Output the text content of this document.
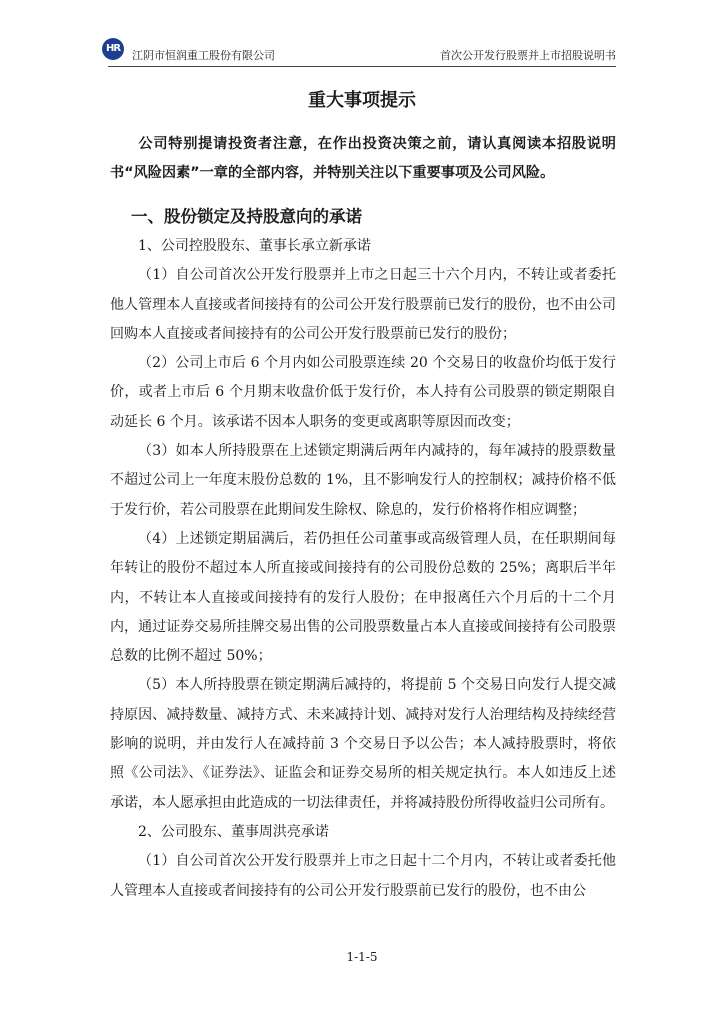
HR
江阴市恒润重工股份有限公司	首次公开发行股票并上市招股说明书
重大事项提示

公司特别提请投资者注意，在作出投资决策之前，请认真阅读本招股说明书“风险因素”一章的全部内容，并特别关注以下重要事项及公司风险。

一、股份锁定及持股意向的承诺

1、公司控股股东、董事长承立新承诺

（1）自公司首次公开发行股票并上市之日起三十六个月内，不转让或者委托他人管理本人直接或者间接持有的公司公开发行股票前已发行的股份，也不由公司回购本人直接或者间接持有的公司公开发行股票前已发行的股份；

（2）公司上市后 6 个月内如公司股票连续 20 个交易日的收盘价均低于发行价，或者上市后 6 个月期末收盘价低于发行价，本人持有公司股票的锁定期限自动延长 6 个月。该承诺不因本人职务的变更或离职等原因而改变；

（3）如本人所持股票在上述锁定期满后两年内减持的，每年减持的股票数量不超过公司上一年度末股份总数的 1%，且不影响发行人的控制权；减持价格不低于发行价，若公司股票在此期间发生除权、除息的，发行价格将作相应调整；

（4）上述锁定期届满后，若仍担任公司董事或高级管理人员，在任职期间每年转让的股份不超过本人所直接或间接持有的公司股份总数的 25%；离职后半年内，不转让本人直接或间接持有的发行人股份；在申报离任六个月后的十二个月内，通过证券交易所挂牌交易出售的公司股票数量占本人直接或间接持有公司股票总数的比例不超过 50%；

（5）本人所持股票在锁定期满后减持的，将提前 5 个交易日向发行人提交减持原因、减持数量、减持方式、未来减持计划、减持对发行人治理结构及持续经营影响的说明，并由发行人在减持前 3 个交易日予以公告；本人减持股票时，将依照《公司法》、《证券法》、证监会和证券交易所的相关规定执行。本人如违反上述承诺，本人愿承担由此造成的一切法律责任，并将减持股份所得收益归公司所有。

2、公司股东、董事周洪亮承诺

（1）自公司首次公开发行股票并上市之日起十二个月内，不转让或者委托他人管理本人直接或者间接持有的公司公开发行股票前已发行的股份，也不由公

1-1-5
